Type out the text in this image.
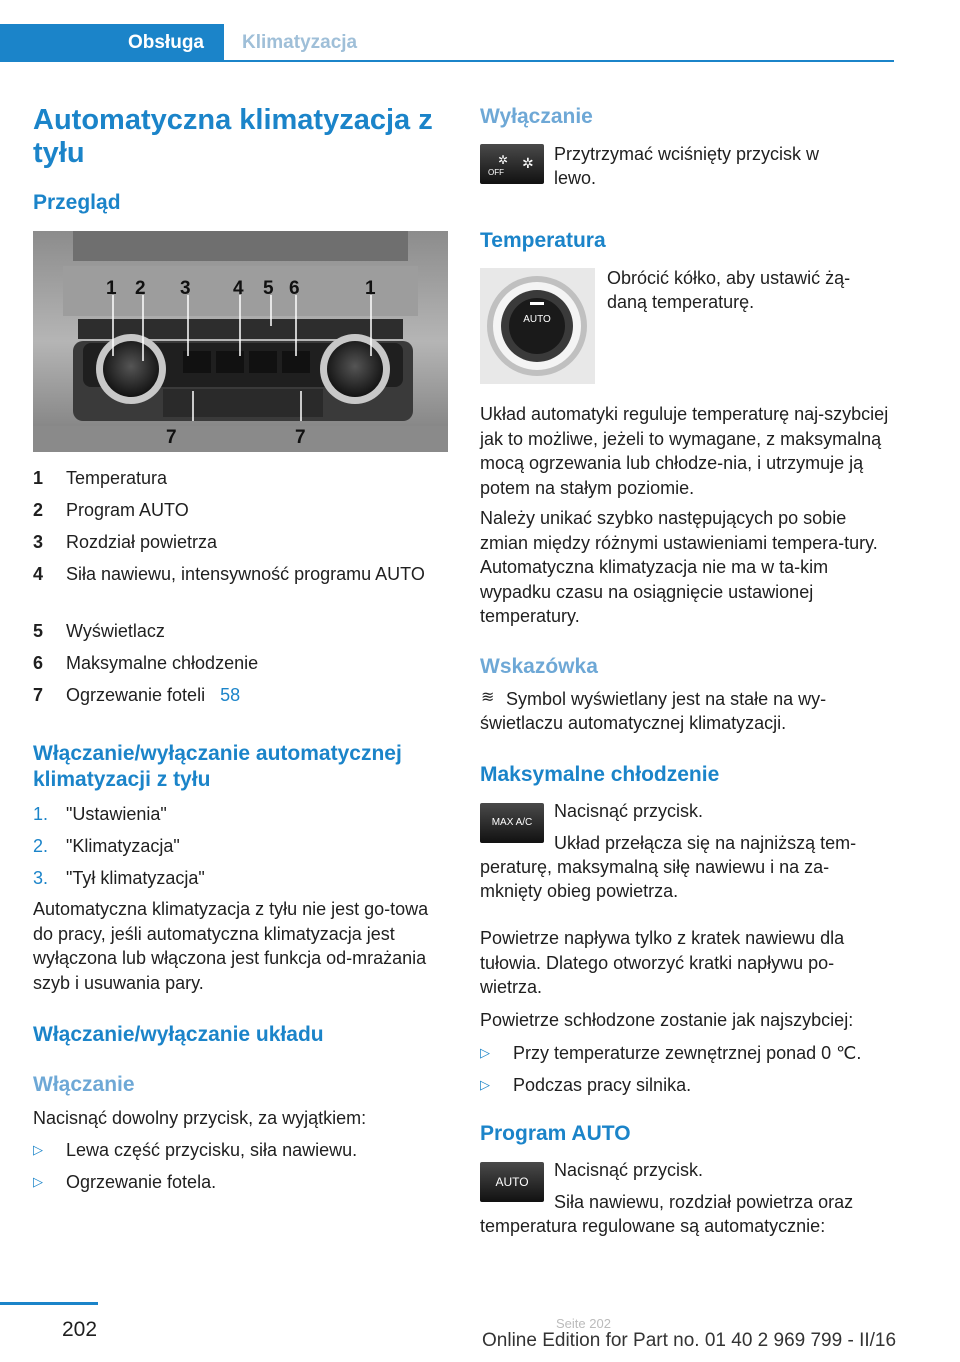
Obsługa Klimatyzacja
Automatyczna klimatyzacja z tyłu
Przegląd
1 2 3 4 5 6	1
7	7
1 Temperatura
2 Program AUTO
3 Rozdział powietrza
4 Siła nawiewu, intensywność programu AUTO
5 Wyświetlacz
6 Maksymalne chłodzenie
7 Ogrzewanie foteli 58
Włączanie/wyłączanie automatycznej klimatyzacji z tyłu
1. "Ustawienia"
2. "Klimatyzacja"
3. "Tył klimatyzacja"
Automatyczna klimatyzacja z tyłu nie jest go-towa do pracy, jeśli automatyczna klimatyzacja jest wyłączona lub włączona jest funkcja od-mrażania szyb i usuwania pary.
Włączanie/wyłączanie układu
Włączanie
Nacisnąć dowolny przycisk, za wyjątkiem:
▷ Lewa część przycisku, siła nawiewu.
▷ Ogrzewanie fotela.
Wyłączanie
OFF
✲ ✲ Przytrzymać wciśnięty przycisk w lewo.
Temperatura
AUTO
Obrócić kółko, aby ustawić żą-daną temperaturę.
Układ automatyki reguluje temperaturę naj-szybciej jak to możliwe, jeżeli to wymagane, z maksymalną mocą ogrzewania lub chłodze-nia, i utrzymuje ją potem na stałym poziomie.
Należy unikać szybko następujących po sobie zmian między różnymi ustawieniami tempera-tury. Automatyczna klimatyzacja nie ma w ta-kim wypadku czasu na osiągnięcie ustawionej temperatury.
Wskazówka
≋ Symbol wyświetlany jest na stałe na wy-świetlaczu automatycznej klimatyzacji.
Maksymalne chłodzenie
MAX A/C
Nacisnąć przycisk.
Układ przełącza się na najniższą tem-peraturę, maksymalną siłę nawiewu i na za-mknięty obieg powietrza.
Powietrze napływa tylko z kratek nawiewu dla tułowia. Dlatego otworzyć kratki napływu po-wietrza.
Powietrze schłodzone zostanie jak najszybciej:
▷ Przy temperaturze zewnętrznej ponad 0 ℃.
▷ Podczas pracy silnika.
Program AUTO
AUTO
Nacisnąć przycisk.
Siła nawiewu, rozdział powietrza oraz temperatura regulowane są automatycznie:
202	Seite 202
Online Edition for Part no. 01 40 2 969 799 - II/16
